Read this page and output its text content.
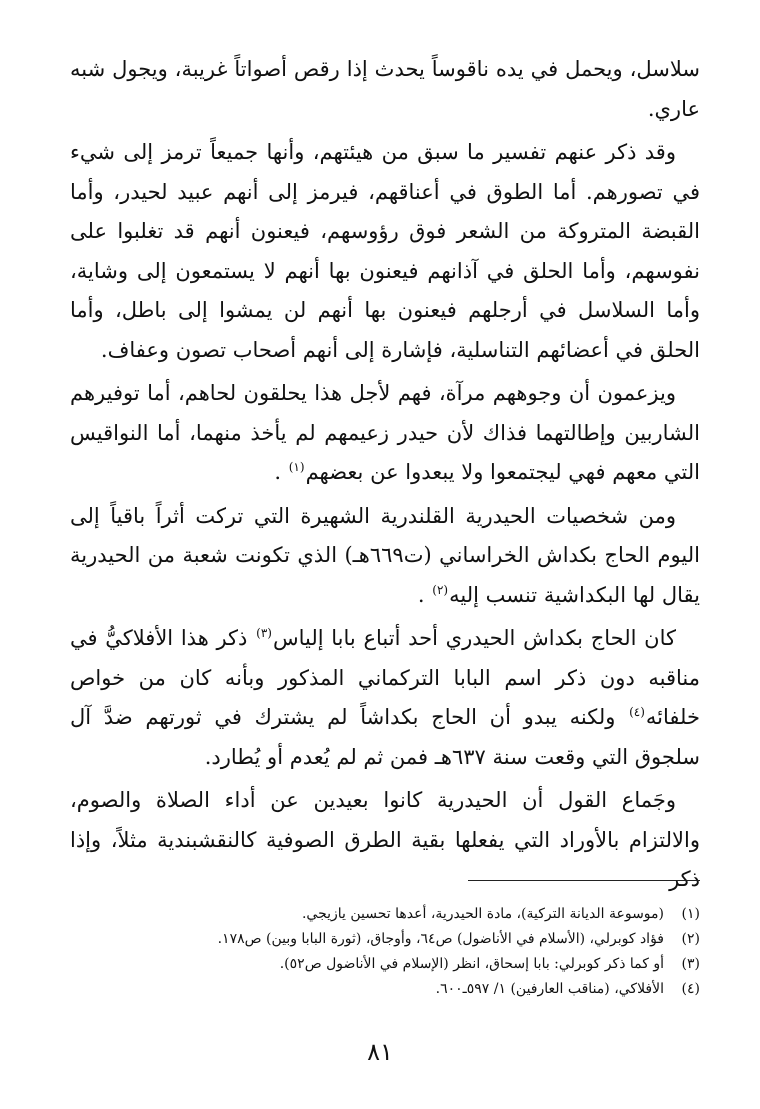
سلاسل، ويحمل في يده ناقوساً يحدث إذا رقص أصواتاً غريبة، ويجول شبه عاري.

وقد ذكر عنهم تفسير ما سبق من هيئتهم، وأنها جميعاً ترمز إلى شيء في تصورهم. أما الطوق في أعناقهم، فيرمز إلى أنهم عبيد لحيدر، وأما القبضة المتروكة من الشعر فوق رؤوسهم، فيعنون أنهم قد تغلبوا على نفوسهم، وأما الحلق في آذانهم فيعنون بها أنهم لا يستمعون إلى وشاية، وأما السلاسل في أرجلهم فيعنون بها أنهم لن يمشوا إلى باطل، وأما الحلق في أعضائهم التناسلية، فإشارة إلى أنهم أصحاب تصون وعفاف.

ويزعمون أن وجوههم مرآة، فهم لأجل هذا يحلقون لحاهم، أما توفيرهم الشاربين وإطالتهما فذاك لأن حيدر زعيمهم لم يأخذ منهما، أما النواقيس التي معهم فهي ليجتمعوا ولا يبعدوا عن بعضهم$^{(١)}$ .

ومن شخصيات الحيدرية القلندرية الشهيرة التي تركت أثراً باقياً إلى اليوم الحاج بكداش الخراساني (ت٦٦٩هـ) الذي تكونت شعبة من الحيدرية يقال لها البكداشية تنسب إليه$^{(٢)}$ .

كان الحاج بكداش الحيدري أحد أتباع بابا إلياس$^{(٣)}$ ذكر هذا الأفلاكيُّ في مناقبه دون ذكر اسم البابا التركماني المذكور وبأنه كان من خواص خلفائه$^{(٤)}$ ولكنه يبدو أن الحاج بكداشاً لم يشترك في ثورتهم ضدَّ آل سلجوق التي وقعت سنة ٦٣٧هـ فمن ثم لم يُعدم أو يُطارد.

وجَماع القول أن الحيدرية كانوا بعيدين عن أداء الصلاة والصوم، والالتزام بالأوراد التي يفعلها بقية الطرق الصوفية كالنقشبندية مثلاً، وإذا ذكر

(١)(موسوعة الديانة التركية)، مادة الحيدرية، أعدها تحسين يازيجي.
(٢)فؤاد كوبرلي، (الأسلام في الأناضول) ص٦٤، وأوجاق، (ثورة البابا وبين) ص١٧٨.
(٣)أو كما ذكر كوبرلي: بابا إسحاق، انظر (الإسلام في الأناضول ص٥٢).
(٤)الأفلاكي، (مناقب العارفين) ١/ ٥٩٧ـ٦٠٠.
٨١
